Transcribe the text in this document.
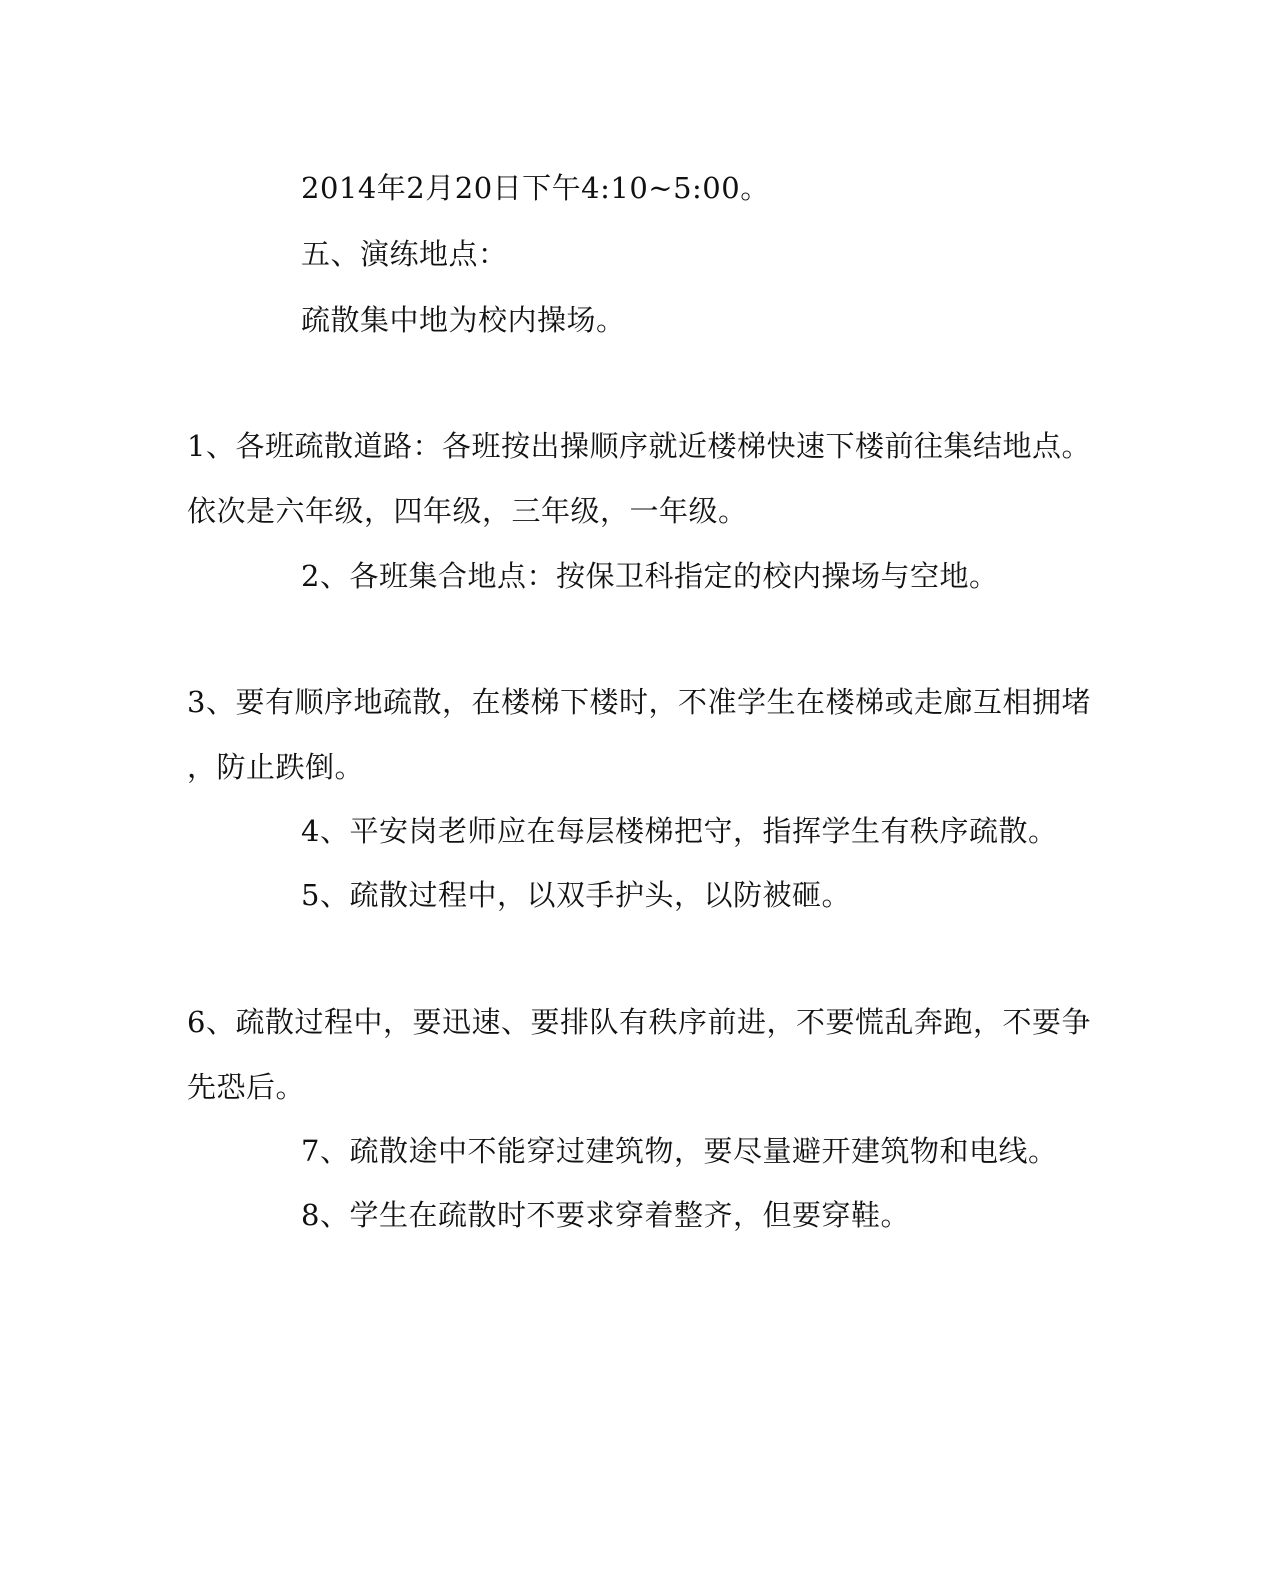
2014年2月20日下午4:10~5:00。
五、演练地点：
疏散集中地为校内操场。
1、各班疏散道路：各班按出操顺序就近楼梯快速下楼前往集结地点。
依次是六年级，四年级，三年级，一年级。
2、各班集合地点：按保卫科指定的校内操场与空地。
3、要有顺序地疏散，在楼梯下楼时，不准学生在楼梯或走廊互相拥堵
，防止跌倒。
4、平安岗老师应在每层楼梯把守，指挥学生有秩序疏散。
5、疏散过程中，以双手护头，以防被砸。
6、疏散过程中，要迅速、要排队有秩序前进，不要慌乱奔跑，不要争
先恐后。
7、疏散途中不能穿过建筑物，要尽量避开建筑物和电线。
8、学生在疏散时不要求穿着整齐，但要穿鞋。
